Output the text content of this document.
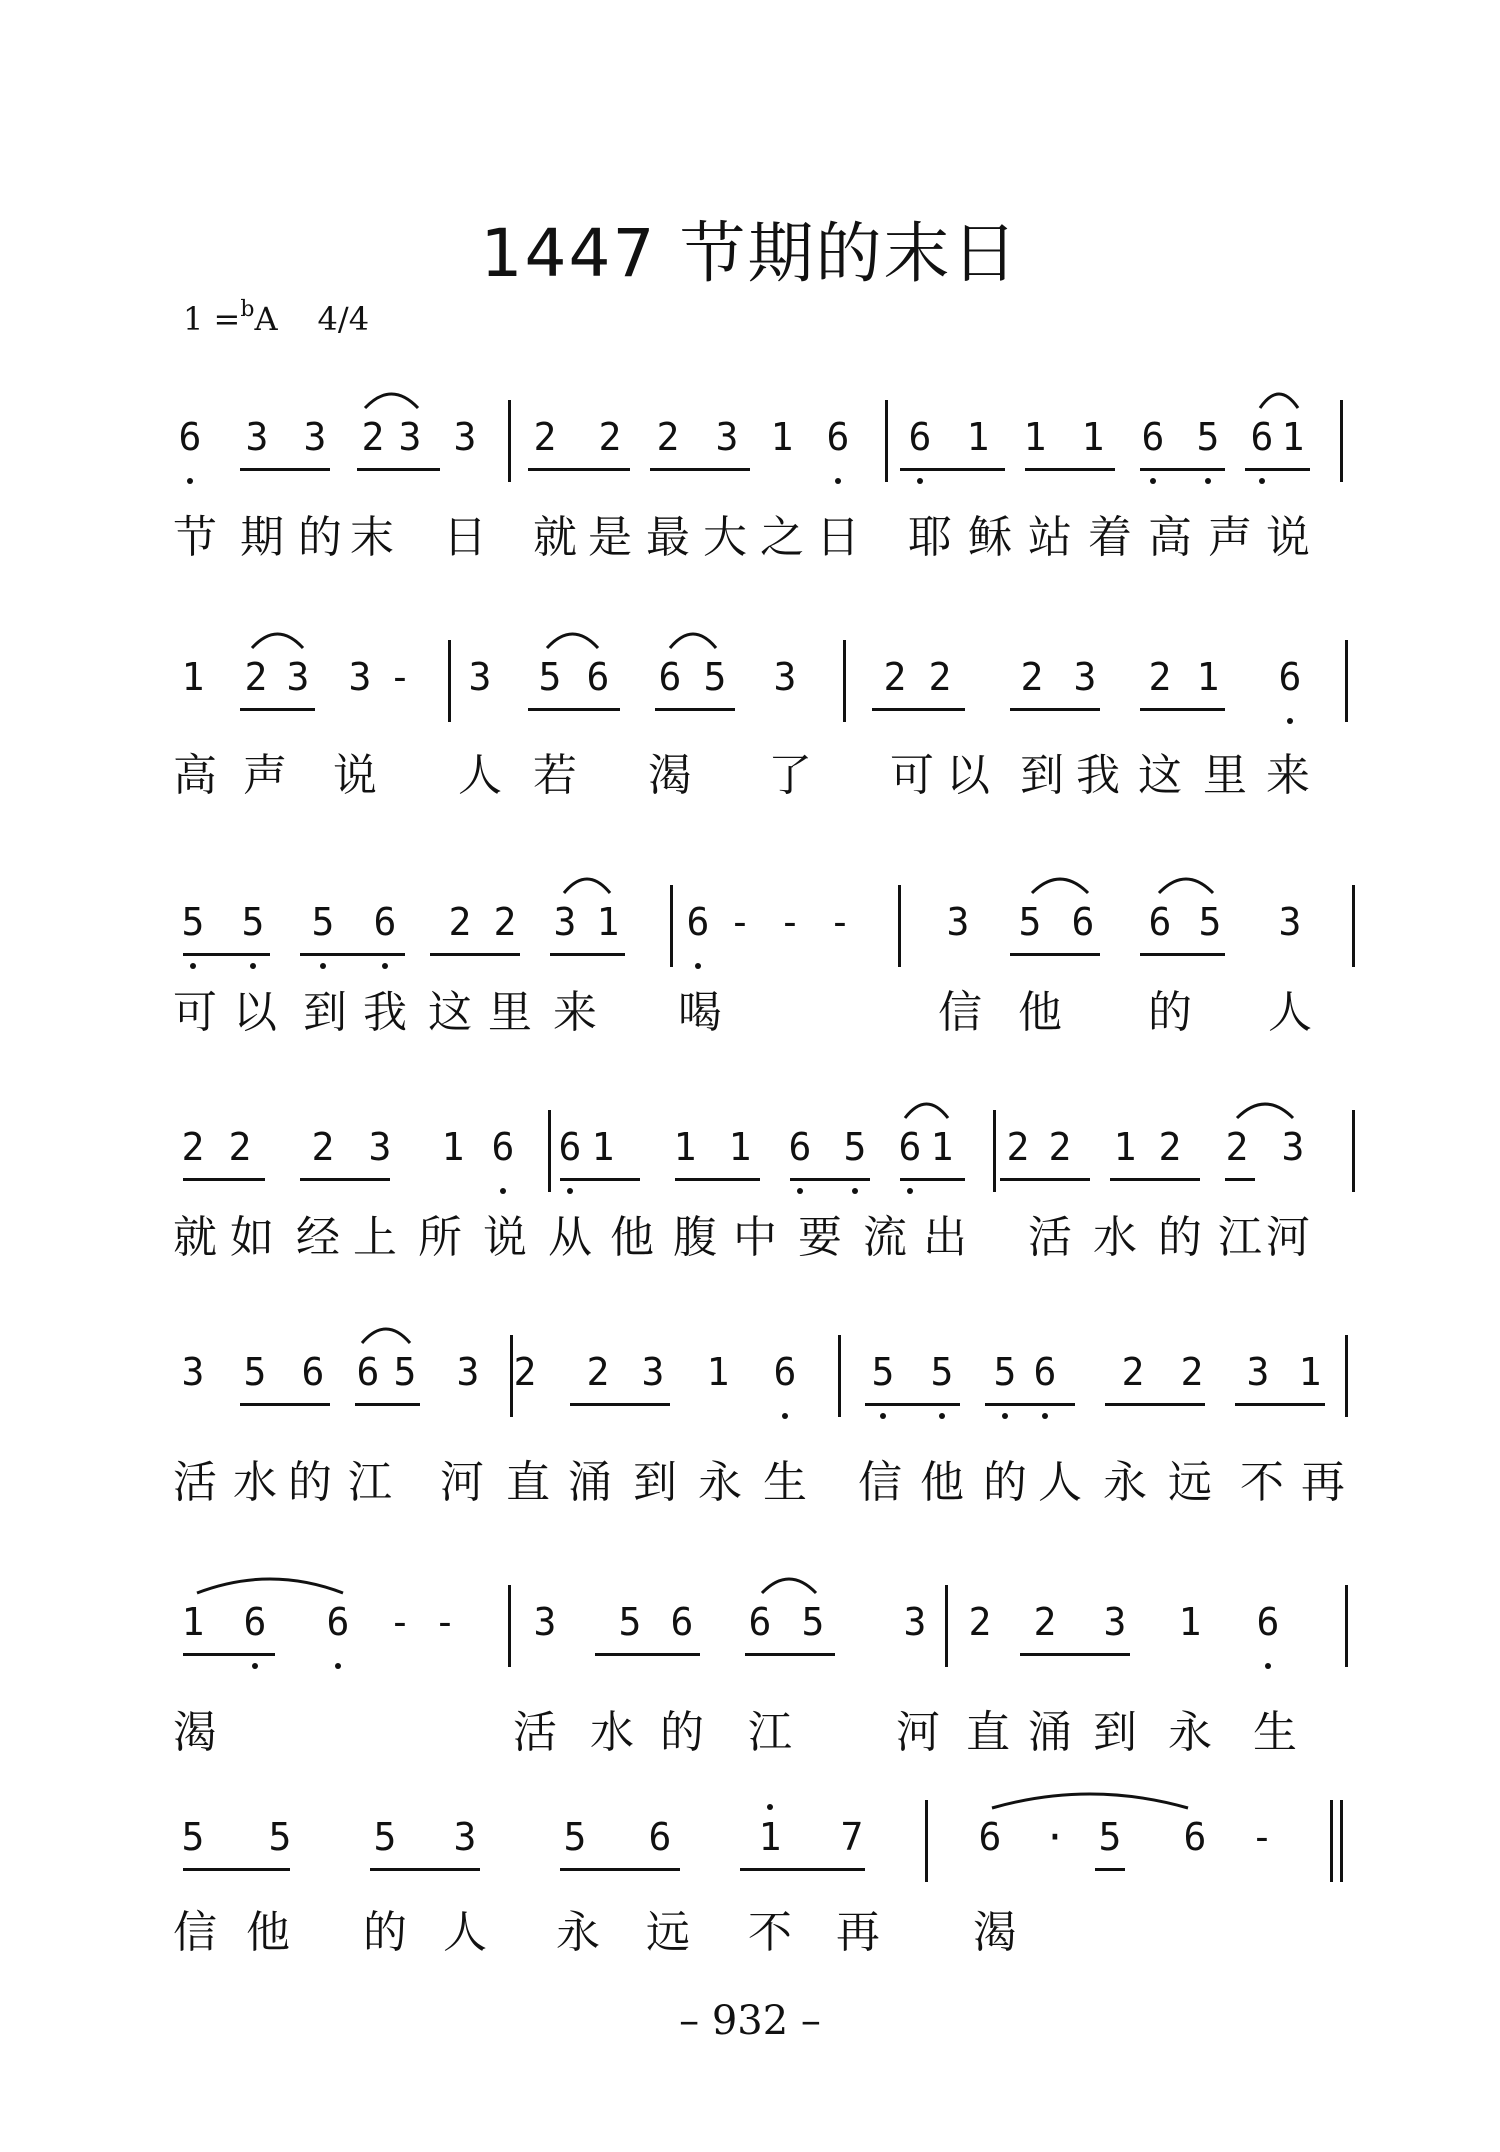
1447 节期的末日
1 =$^b$A 4/4
6 3 3 2 3 3 2 2 2 3 1 6 6 1 1 1 6 5 6 1
节 期 的 末 日 就 是 最 大 之 日 耶 稣 站 着 高 声 说
1 2 3 3 - 3 5 6 6 5 3 2 2 2 3 2 1 6
高 声 说 人 若 渴 了 可 以 到 我 这 里 来
5 5 5 6 2 2 3 1 6 - - -	3 5 6 6 5 3
可 以 到 我 这 里 来 喝	信 他 的 人
2 2 2 3 1 6 6 1 1 1 6 5 6 1 2 2 1 2 2 3
就 如 经 上 所 说 从 他 腹 中 要 流 出 活 水 的 江 河
3 5 6 6 5 3 2 2 3 1 6 5 5 5 6 2 2 3 1
活 水 的 江 河 直 涌 到 永 生 信 他 的 人 永 远 不 再
1 6 6 - - 3 5 6 6 5 3 2 2 3 1 6
渴	活 水 的 江 河 直 涌 到 永 生
5 5 5 3 5 6 1 7	6 · 5 6 -
信 他 的 人 永 远 不 再 渴
– 932 –
